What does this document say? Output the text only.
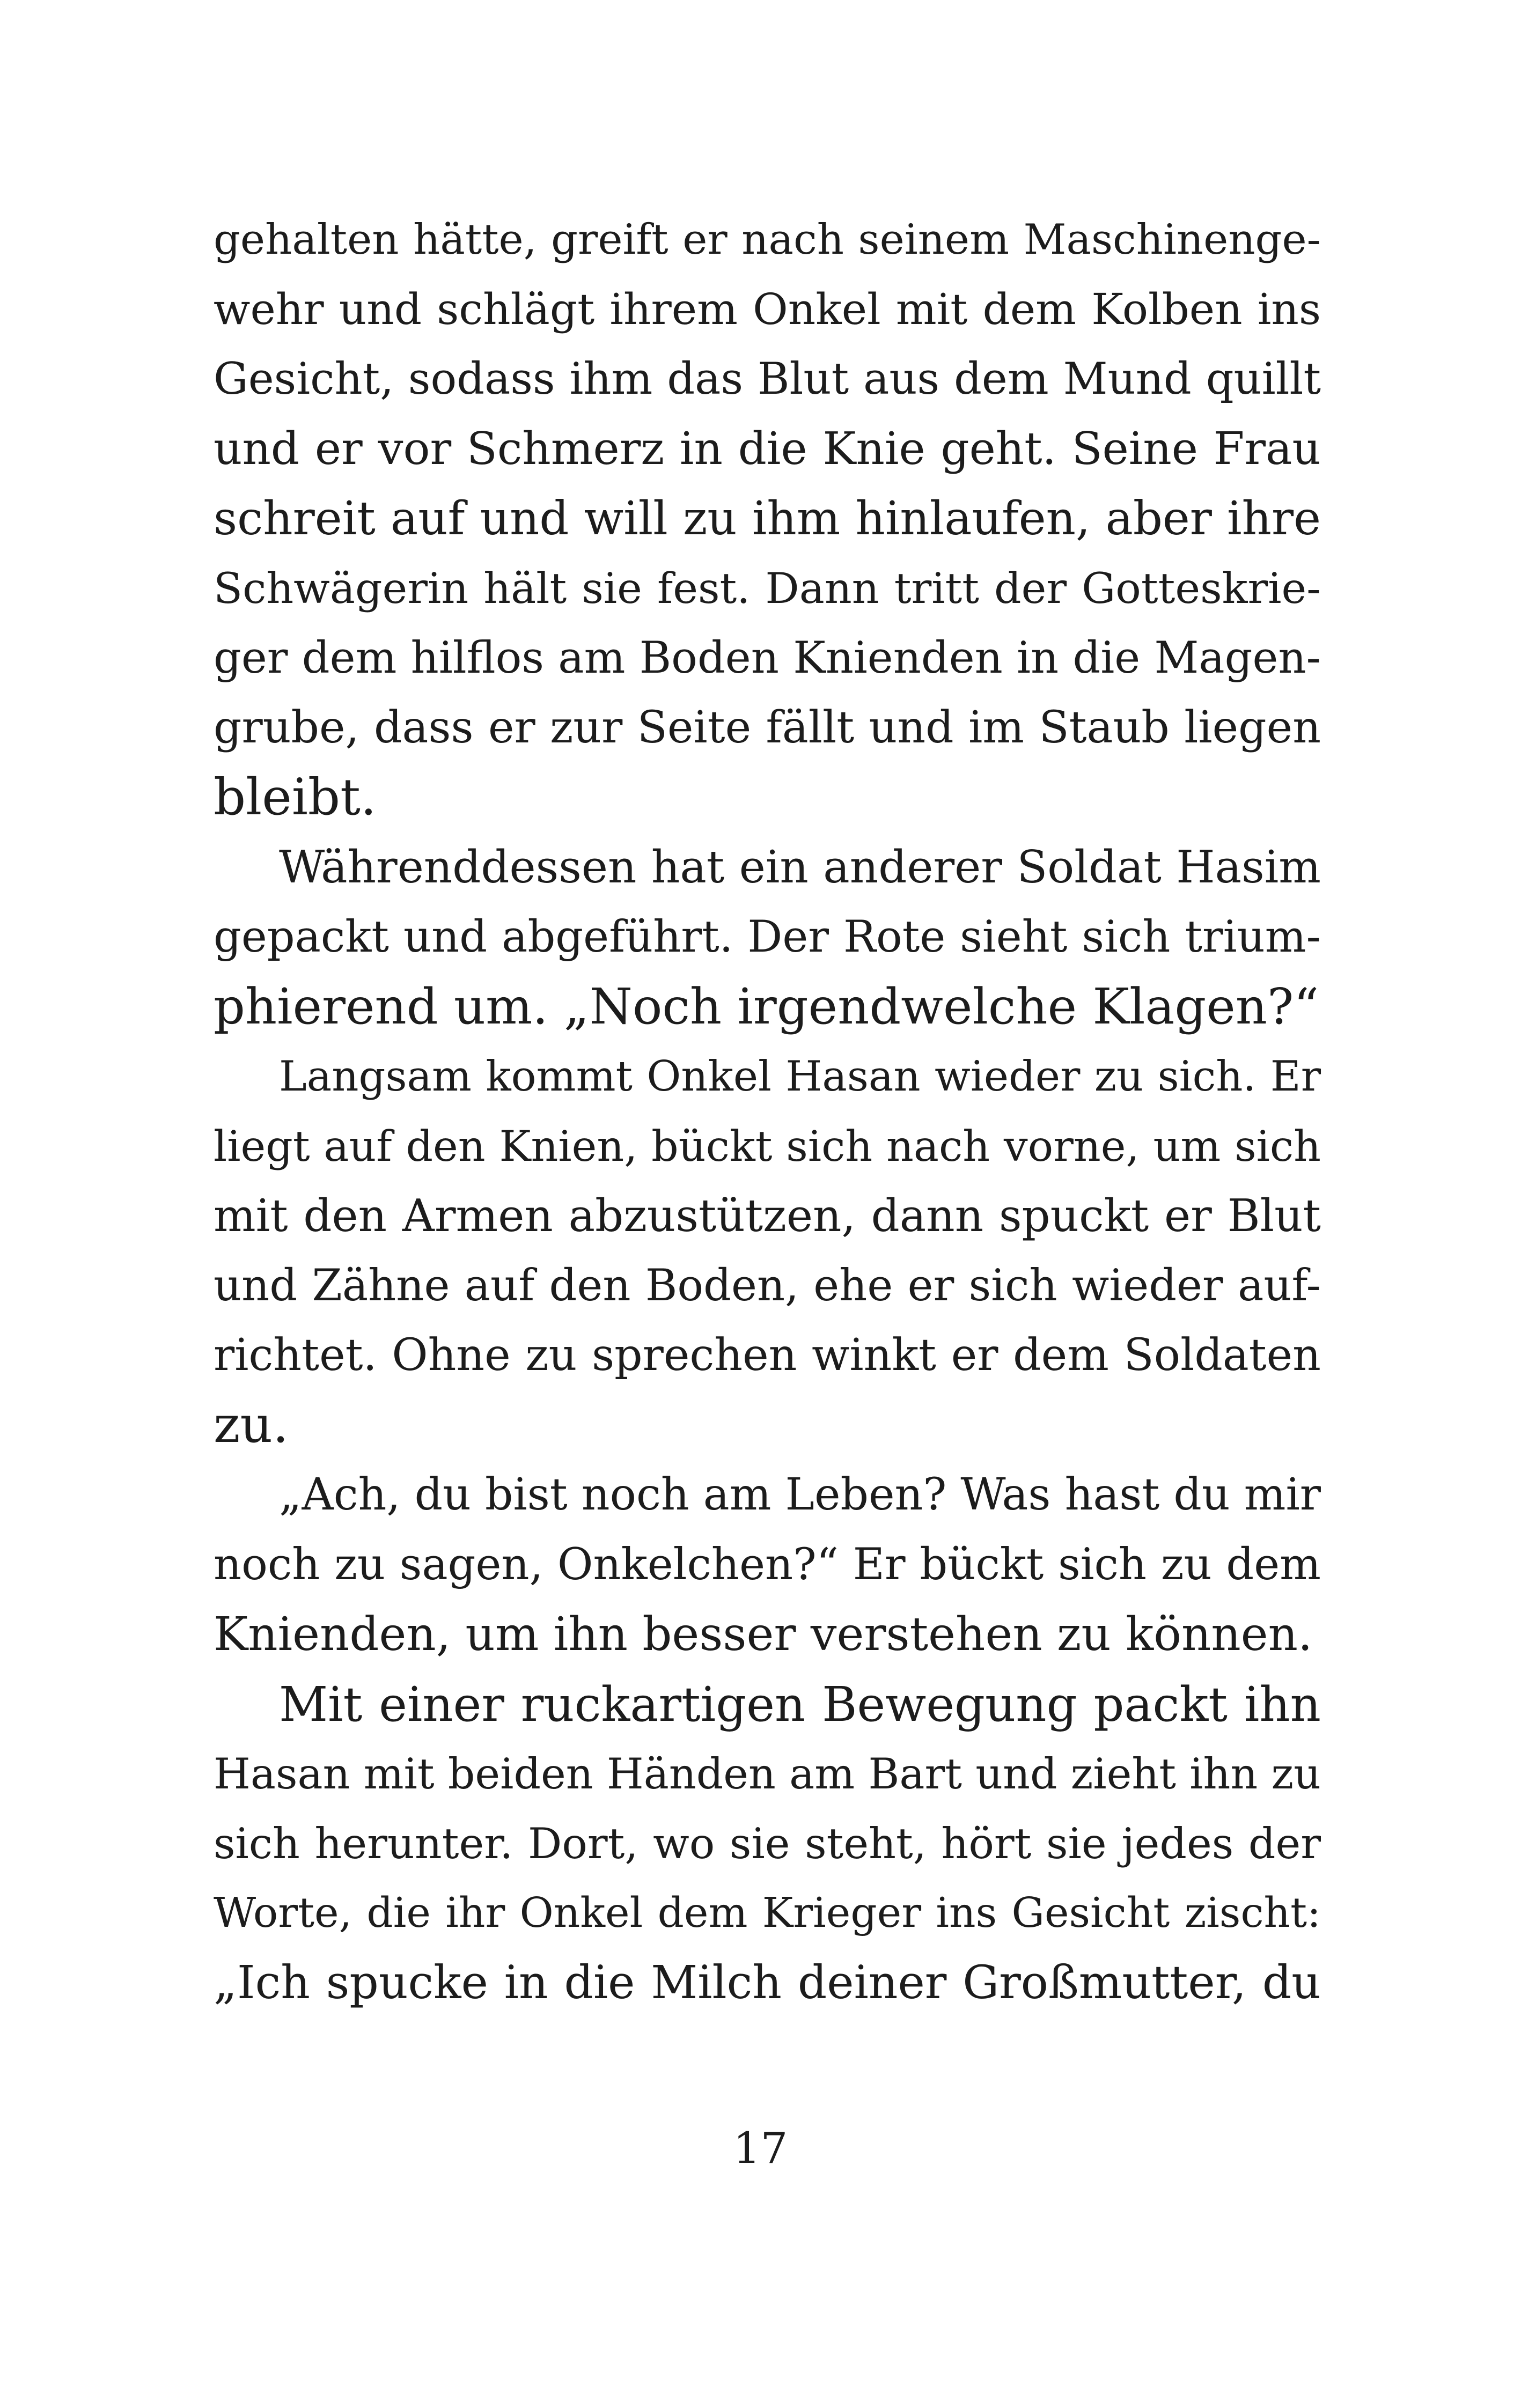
gehalten hätte, greift er nach seinem Maschinenge-
wehr und schlägt ihrem Onkel mit dem Kolben ins
Gesicht, sodass ihm das Blut aus dem Mund quillt
und er vor Schmerz in die Knie geht. Seine Frau
schreit auf und will zu ihm hinlaufen, aber ihre
Schwägerin hält sie fest. Dann tritt der Gotteskrie-
ger dem hilflos am Boden Knienden in die Magen-
grube, dass er zur Seite fällt und im Staub liegen
bleibt.
Währenddessen hat ein anderer Soldat Hasim
gepackt und abgeführt. Der Rote sieht sich trium-
phierend um. „Noch irgendwelche Klagen?“
Langsam kommt Onkel Hasan wieder zu sich. Er
liegt auf den Knien, bückt sich nach vorne, um sich
mit den Armen abzustützen, dann spuckt er Blut
und Zähne auf den Boden, ehe er sich wieder auf-
richtet. Ohne zu sprechen winkt er dem Soldaten
zu.
„Ach, du bist noch am Leben? Was hast du mir
noch zu sagen, Onkelchen?“ Er bückt sich zu dem
Knienden, um ihn besser verstehen zu können.
Mit einer ruckartigen Bewegung packt ihn
Hasan mit beiden Händen am Bart und zieht ihn zu
sich herunter. Dort, wo sie steht, hört sie jedes der
Worte, die ihr Onkel dem Krieger ins Gesicht zischt:
„Ich spucke in die Milch deiner Großmutter, du
17
